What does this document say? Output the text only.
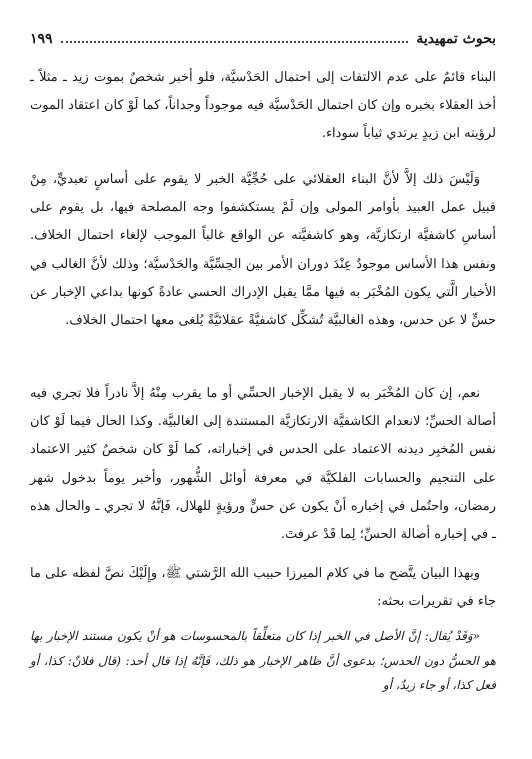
بحوث تمهيدية
١٩٩

البناء قائمٌ على عدم الالتفات إلى احتمال الحَدْسيَّة، فلو أخبر شخصٌ بموت زيد ـ مثلاً ـ أخذ العقلاء بخبره وإن كان احتمال الحَدْسيَّة فيه موجوداً وجداناً، كما لَوْ كان اعتقاد الموت لرؤيته ابن زيدٍ يرتدي ثياباً سوداء.

وَلَيْسَ ذلك إلاَّ لأنَّ البناء العقلائي على حُجِّيَّة الخبر لا يقوم على أساسٍ تعبديٍّ، مِنْ قبيل عمل العبيد بأوامر المولى وإن لَمْ يستكشفوا وجه المصلحة فيها، بل يقوم على أساسِ كاشفيَّة ارتكازيَّة، وهو كاشفيَّته عن الواقع غالباً الموجب لإلغاء احتمال الخلاف. ونفس هذا الأساس موجودٌ عِنْدَ دوران الأمر بين الحِسِّيَّة والحَدْسيَّة؛ وذلك لأنَّ الغالب في الأخبار الَّتي يكون المُخْبَر به فيها ممَّا يقبل الإدراك الحسي عادةً كونها بداعي الإخبار عن حسٍّ لا عن حدس، وهذه الغالبيَّة تُشكِّل كاشفيَّةً عقلائيَّةً يُلغى معها احتمال الخلاف.

نعم، إن كان المُخْبَر به لا يقبل الإخبار الحسِّي أو ما يقرب مِنْهُ إلاَّ نادراً فلا تجري فيه أصالة الحسِّ؛ لانعدام الكاشفيَّة الارتكازيَّة المستندة إلى الغالبيَّة. وكذا الحال فيما لَوْ كان نفس المُخبِر ديدنه الاعتماد على الحدس في إخباراته، كما لَوْ كان شخصٌ كثير الاعتماد على التنجيم والحسابات الفلكيَّة في معرفة أوائل الشُّهور، وأخبر يوماً بدخول شهر رمضان، واحتُمل في إخباره أنْ يكون عن حسٍّ ورؤيةٍ للهلال، فَإنَّهُ لا تجري ـ والحال هذه ـ في إخباره أصالة الحسِّ؛ لِما قَدْ عرفتَ.

وبهذا البيان يتَّضح ما في كلام الميرزا حبيب الله الرَّشتي ﷺ، وإِلَيْكَ نصَّ لفظه على ما جاء في تقريرات بحثه:

«وَقَدْ يُقال: إنَّ الأصل في الخبر إذا كان متعلِّقاً بالمحسوسات هو أنْ يكون مستند الإخبار بها هو الحسُّ دون الحدس؛ بدعوى أنَّ ظاهر الإخبار هو ذلك، فَإنَّهُ إذا قال أحد: (قال فلانٌ: كذا، أو فعل كذا، أو جاء زيدٌ، أو
